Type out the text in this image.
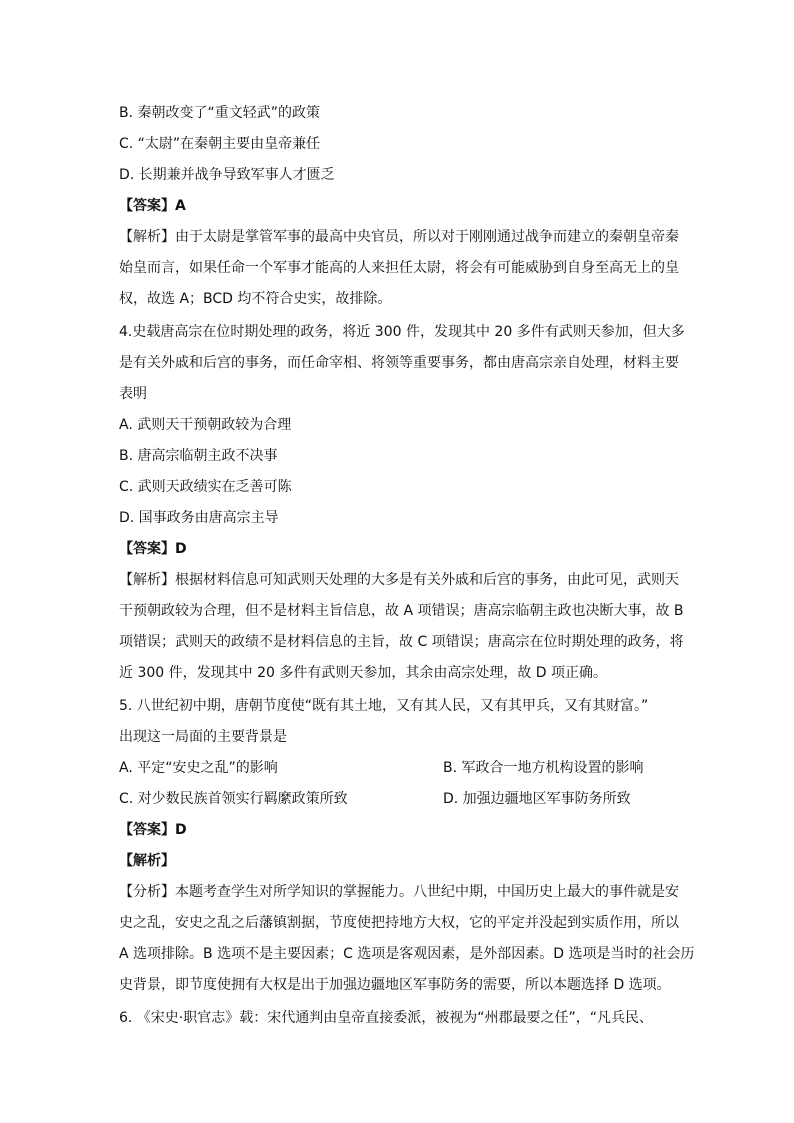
B. 秦朝改变了“重文轻武”的政策
C. “太尉”在秦朝主要由皇帝兼任
D. 长期兼并战争导致军事人才匮乏
【答案】A
【解析】由于太尉是掌管军事的最高中央官员，所以对于刚刚通过战争而建立的秦朝皇帝秦
始皇而言，如果任命一个军事才能高的人来担任太尉，将会有可能威胁到自身至高无上的皇
权，故选 A；BCD 均不符合史实，故排除。
4.史载唐高宗在位时期处理的政务，将近 300 件，发现其中 20 多件有武则天参加，但大多
是有关外戚和后宫的事务，而任命宰相、将领等重要事务，都由唐高宗亲自处理，材料主要
表明
A. 武则天干预朝政较为合理
B. 唐高宗临朝主政不决事
C. 武则天政绩实在乏善可陈
D. 国事政务由唐高宗主导
【答案】D
【解析】根据材料信息可知武则天处理的大多是有关外戚和后宫的事务，由此可见，武则天
干预朝政较为合理，但不是材料主旨信息，故 A 项错误；唐高宗临朝主政也决断大事，故 B
项错误；武则天的政绩不是材料信息的主旨，故 C 项错误；唐高宗在位时期处理的政务，将
近 300 件，发现其中 20 多件有武则天参加，其余由高宗处理，故 D 项正确。
5. 八世纪初中期，唐朝节度使“既有其土地，又有其人民，又有其甲兵，又有其财富。”
出现这一局面的主要背景是
A. 平定“安史之乱”的影响	B. 军政合一地方机构设置的影响
C. 对少数民族首领实行羁縻政策所致	D. 加强边疆地区军事防务所致
【答案】D
【解析】
【分析】本题考查学生对所学知识的掌握能力。八世纪中期，中国历史上最大的事件就是安
史之乱，安史之乱之后藩镇割据，节度使把持地方大权，它的平定并没起到实质作用，所以
A 选项排除。B 选项不是主要因素；C 选项是客观因素，是外部因素。D 选项是当时的社会历
史背景，即节度使拥有大权是出于加强边疆地区军事防务的需要，所以本题选择 D 选项。
6. 《宋史·职官志》载：宋代通判由皇帝直接委派，被视为“州郡最要之任”，“凡兵民、
